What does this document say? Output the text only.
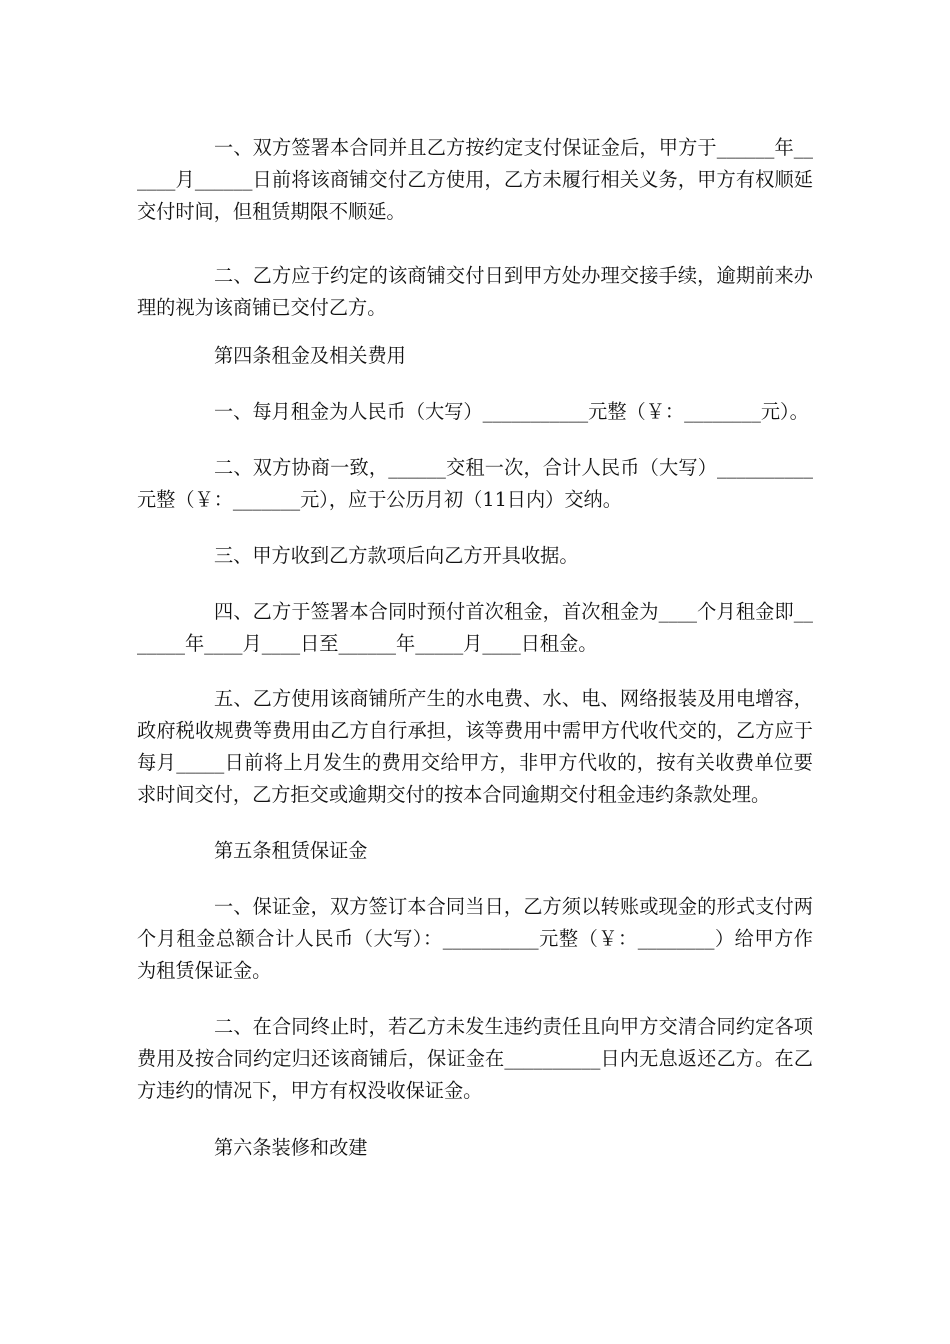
一、双方签署本合同并且乙方按约定支付保证金后，甲方于______年______月______日前将该商铺交付乙方使用，乙方未履行相关义务，甲方有权顺延交付时间，但租赁期限不顺延。

二、乙方应于约定的该商铺交付日到甲方处办理交接手续，逾期前来办理的视为该商铺已交付乙方。

第四条租金及相关费用

一、每月租金为人民币（大写）___________元整（￥：________元）。

二、双方协商一致，______交租一次，合计人民币（大写）__________元整（￥：_______元），应于公历月初（11日内）交纳。

三、甲方收到乙方款项后向乙方开具收据。

四、乙方于签署本合同时预付首次租金，首次租金为____个月租金即_______年____月____日至______年_____月____日租金。

五、乙方使用该商铺所产生的水电费、水、电、网络报装及用电增容，政府税收规费等费用由乙方自行承担，该等费用中需甲方代收代交的，乙方应于每月_____日前将上月发生的费用交给甲方，非甲方代收的，按有关收费单位要求时间交付，乙方拒交或逾期交付的按本合同逾期交付租金违约条款处理。

第五条租赁保证金

一、保证金，双方签订本合同当日，乙方须以转账或现金的形式支付两个月租金总额合计人民币（大写）：__________元整（￥：________）给甲方作为租赁保证金。

二、在合同终止时，若乙方未发生违约责任且向甲方交清合同约定各项费用及按合同约定归还该商铺后，保证金在__________日内无息返还乙方。在乙方违约的情况下，甲方有权没收保证金。

第六条装修和改建
